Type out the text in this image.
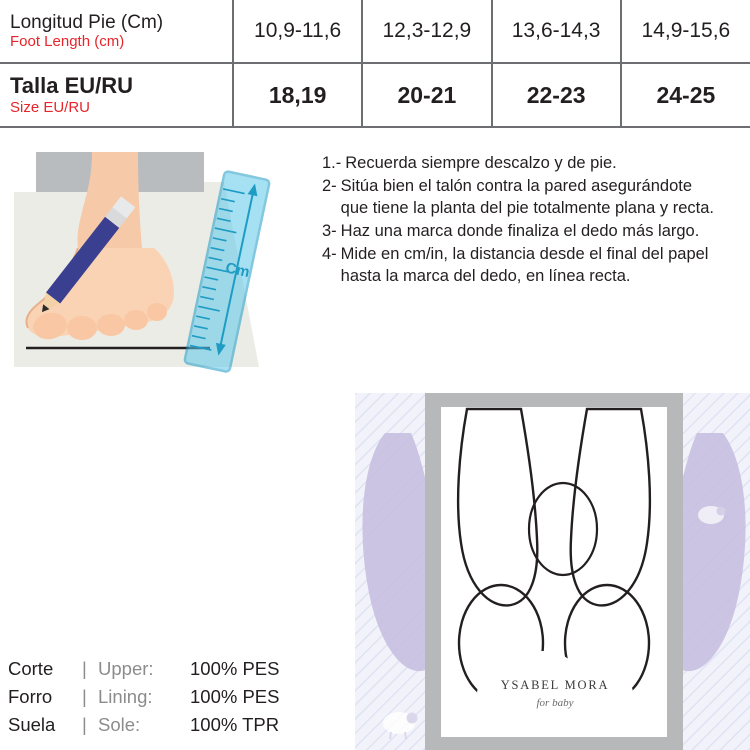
Longitud Pie (Cm)
Foot Length (cm)	10,9-11,6	12,3-12,9	13,6-14,3	14,9-15,6

Talla EU/RU
Size EU/RU	18,19	20-21	22-23	24-25
Cm
1.- Recuerda siempre descalzo y de pie.
2- Sitúa bien el talón contra la pared asegurándote que tiene la planta del pie totalmente plana y recta.
3- Haz una marca donde finaliza el dedo más largo.
4- Mide en cm/in, la distancia desde el final del papel hasta la marca del dedo, en línea recta.
YSABEL MORA
for baby
Corte	| Upper:	100% PES
Forro	| Lining:	100% PES
Suela	| Sole:	100% TPR
